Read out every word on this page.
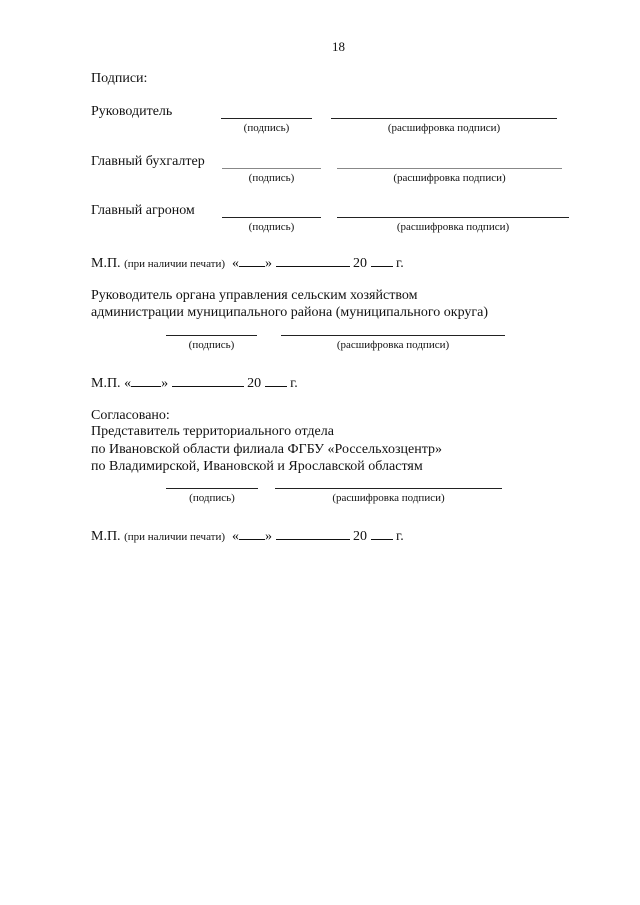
18
Подписи:
Руководитель
(подпись)	(расшифровка подписи)
Главный бухгалтер
(подпись)	(расшифровка подписи)
Главный агроном
(подпись)	(расшифровка подписи)
М.П. (при наличии печати) « »	20 г.
Руководитель органа управления сельским хозяйством
администрации муниципального района (муниципального округа)
(подпись)	(расшифровка подписи)
М.П. « »	20 г.
Согласовано:
Представитель территориального отдела
по Ивановской области филиала ФГБУ «Россельхозцентр»
по Владимирской, Ивановской и Ярославской областям
(подпись)	(расшифровка подписи)
М.П. (при наличии печати) « »	20 г.
